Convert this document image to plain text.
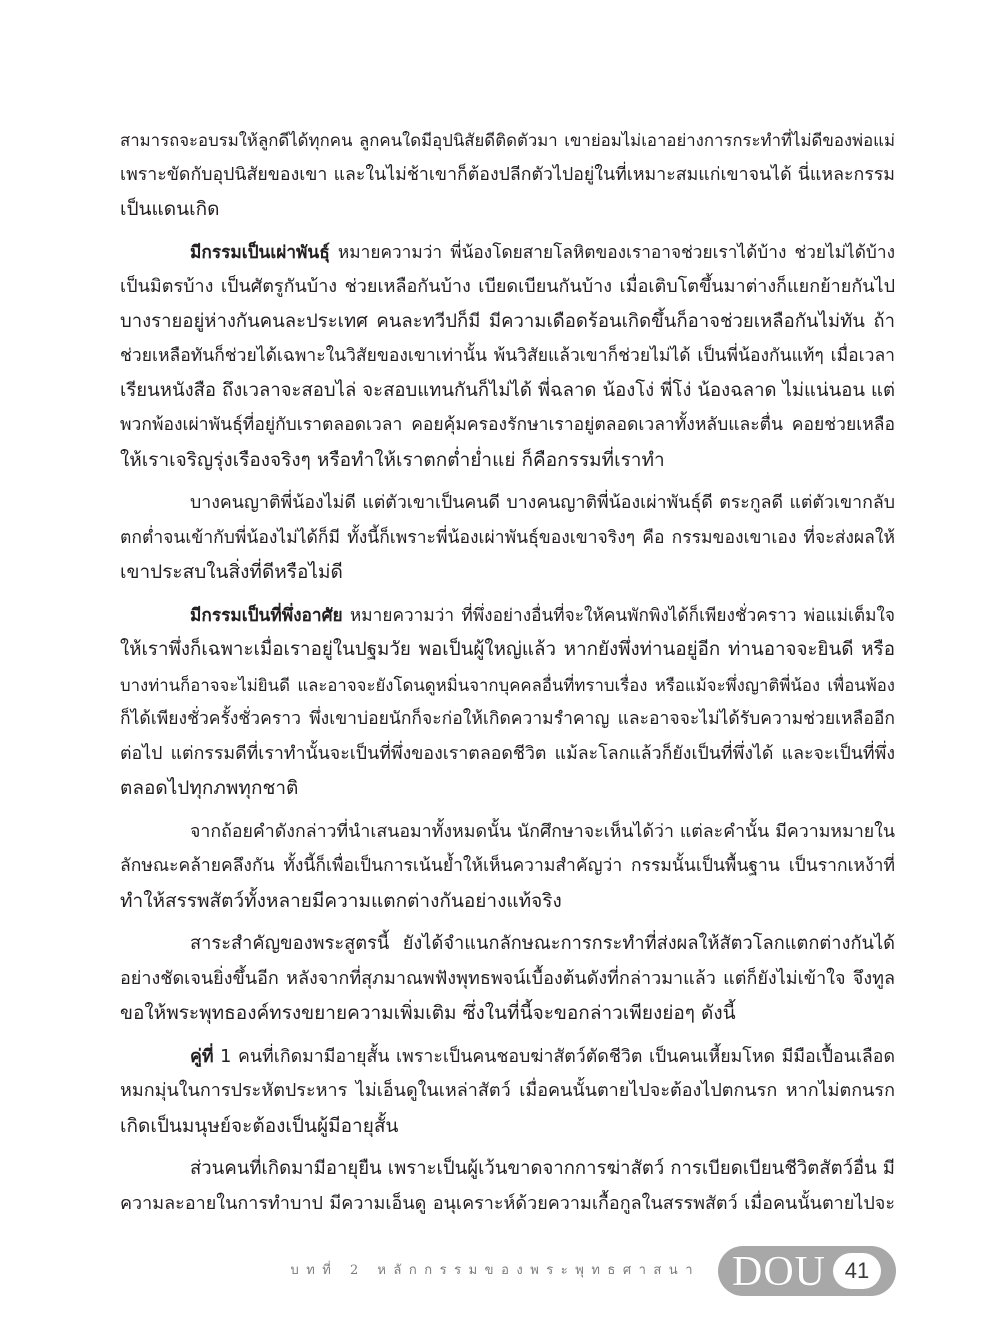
สามารถจะอบรมให้ลูกดีได้ทุกคน ลูกคนใดมีอุปนิสัยดีติดตัวมา เขาย่อมไม่เอาอย่างการกระทำที่ไม่ดีของพ่อแม่
เพราะขัดกับอุปนิสัยของเขา และในไม่ช้าเขาก็ต้องปลีกตัวไปอยู่ในที่เหมาะสมแก่เขาจนได้ นี่แหละกรรม
เป็นแดนเกิด
มีกรรมเป็นเผ่าพันธุ์ หมายความว่า พี่น้องโดยสายโลหิตของเราอาจช่วยเราได้บ้าง ช่วยไม่ได้บ้าง
เป็นมิตรบ้าง เป็นศัตรูกันบ้าง ช่วยเหลือกันบ้าง เบียดเบียนกันบ้าง เมื่อเติบโตขึ้นมาต่างก็แยกย้ายกันไป
บางรายอยู่ห่างกันคนละประเทศ คนละทวีปก็มี มีความเดือดร้อนเกิดขึ้นก็อาจช่วยเหลือกันไม่ทัน ถ้า
ช่วยเหลือทันก็ช่วยได้เฉพาะในวิสัยของเขาเท่านั้น พ้นวิสัยแล้วเขาก็ช่วยไม่ได้ เป็นพี่น้องกันแท้ๆ เมื่อเวลา
เรียนหนังสือ ถึงเวลาจะสอบไล่ จะสอบแทนกันก็ไม่ได้ พี่ฉลาด น้องโง่ พี่โง่ น้องฉลาด ไม่แน่นอน แต่
พวกพ้องเผ่าพันธุ์ที่อยู่กับเราตลอดเวลา คอยคุ้มครองรักษาเราอยู่ตลอดเวลาทั้งหลับและตื่น คอยช่วยเหลือ
ให้เราเจริญรุ่งเรืองจริงๆ หรือทำให้เราตกต่ำย่ำแย่ ก็คือกรรมที่เราทำ
บางคนญาติพี่น้องไม่ดี แต่ตัวเขาเป็นคนดี บางคนญาติพี่น้องเผ่าพันธุ์ดี ตระกูลดี แต่ตัวเขากลับ
ตกต่ำจนเข้ากับพี่น้องไม่ได้ก็มี ทั้งนี้ก็เพราะพี่น้องเผ่าพันธุ์ของเขาจริงๆ คือ กรรมของเขาเอง ที่จะส่งผลให้
เขาประสบในสิ่งที่ดีหรือไม่ดี
มีกรรมเป็นที่พึ่งอาศัย หมายความว่า ที่พึ่งอย่างอื่นที่จะให้คนพักพิงได้ก็เพียงชั่วคราว พ่อแม่เต็มใจ
ให้เราพึ่งก็เฉพาะเมื่อเราอยู่ในปฐมวัย พอเป็นผู้ใหญ่แล้ว หากยังพึ่งท่านอยู่อีก ท่านอาจจะยินดี หรือ
บางท่านก็อาจจะไม่ยินดี และอาจจะยังโดนดูหมิ่นจากบุคคลอื่นที่ทราบเรื่อง หรือแม้จะพึ่งญาติพี่น้อง เพื่อนพ้อง
ก็ได้เพียงชั่วครั้งชั่วคราว พึ่งเขาบ่อยนักก็จะก่อให้เกิดความรำคาญ และอาจจะไม่ได้รับความช่วยเหลืออีก
ต่อไป แต่กรรมดีที่เราทำนั้นจะเป็นที่พึ่งของเราตลอดชีวิต แม้ละโลกแล้วก็ยังเป็นที่พึ่งได้ และจะเป็นที่พึ่ง
ตลอดไปทุกภพทุกชาติ
จากถ้อยคำดังกล่าวที่นำเสนอมาทั้งหมดนั้น นักศึกษาจะเห็นได้ว่า แต่ละคำนั้น มีความหมายใน
ลักษณะคล้ายคลึงกัน ทั้งนี้ก็เพื่อเป็นการเน้นย้ำให้เห็นความสำคัญว่า กรรมนั้นเป็นพื้นฐาน เป็นรากเหง้าที่
ทำให้สรรพสัตว์ทั้งหลายมีความแตกต่างกันอย่างแท้จริง
สาระสำคัญของพระสูตรนี้ ยังได้จำแนกลักษณะการกระทำที่ส่งผลให้สัตวโลกแตกต่างกันได้
อย่างชัดเจนยิ่งขึ้นอีก หลังจากที่สุภมาณพฟังพุทธพจน์เบื้องต้นดังที่กล่าวมาแล้ว แต่ก็ยังไม่เข้าใจ จึงทูล
ขอให้พระพุทธองค์ทรงขยายความเพิ่มเติม ซึ่งในที่นี้จะขอกล่าวเพียงย่อๆ ดังนี้
คู่ที่ 1 คนที่เกิดมามีอายุสั้น เพราะเป็นคนชอบฆ่าสัตว์ตัดชีวิต เป็นคนเหี้ยมโหด มีมือเปื้อนเลือด
หมกมุ่นในการประหัตประหาร ไม่เอ็นดูในเหล่าสัตว์ เมื่อคนนั้นตายไปจะต้องไปตกนรก หากไม่ตกนรก
เกิดเป็นมนุษย์จะต้องเป็นผู้มีอายุสั้น
ส่วนคนที่เกิดมามีอายุยืน เพราะเป็นผู้เว้นขาดจากการฆ่าสัตว์ การเบียดเบียนชีวิตสัตว์อื่น มี
ความละอายในการทำบาป มีความเอ็นดู อนุเคราะห์ด้วยความเกื้อกูลในสรรพสัตว์ เมื่อคนนั้นตายไปจะ
บทที่ 2 หลักกรรมของพระพุทธศาสนา DOU 41
